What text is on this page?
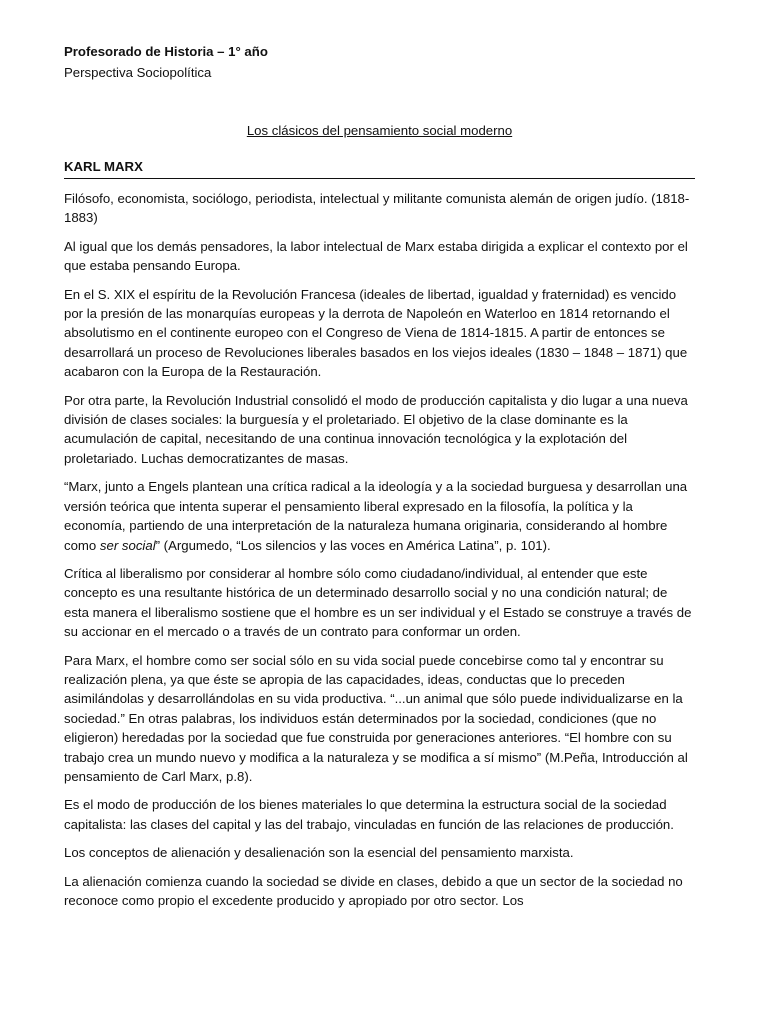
Profesorado de Historia – 1° año

Perspectiva Sociopolítica

Los clásicos del pensamiento social moderno

KARL MARX

Filósofo, economista, sociólogo, periodista, intelectual y militante comunista alemán de origen judío. (1818-1883)

Al igual que los demás pensadores, la labor intelectual de Marx estaba dirigida a explicar el contexto por el que estaba pensando Europa.

En el S. XIX el espíritu de la Revolución Francesa (ideales de libertad, igualdad y fraternidad) es vencido por la presión de las monarquías europeas y la derrota de Napoleón en Waterloo en 1814 retornando el absolutismo en el continente europeo con el Congreso de Viena de 1814-1815. A partir de entonces se desarrollará un proceso de Revoluciones liberales basados en los viejos ideales (1830 – 1848 – 1871) que acabaron con la Europa de la Restauración.

Por otra parte, la Revolución Industrial consolidó el modo de producción capitalista y dio lugar a una nueva división de clases sociales: la burguesía y el proletariado. El objetivo de la clase dominante es la acumulación de capital, necesitando de una continua innovación tecnológica y la explotación del proletariado. Luchas democratizantes de masas.

“Marx, junto a Engels plantean una crítica radical a la ideología y a la sociedad burguesa y desarrollan una versión teórica que intenta superar el pensamiento liberal expresado en la filosofía, la política y la economía, partiendo de una interpretación de la naturaleza humana originaria, considerando al hombre como ser social” (Argumedo, “Los silencios y las voces en América Latina”, p. 101).

Crítica al liberalismo por considerar al hombre sólo como ciudadano/individual, al entender que este concepto es una resultante histórica de un determinado desarrollo social y no una condición natural; de esta manera el liberalismo sostiene que el hombre es un ser individual y el Estado se construye a través de su accionar en el mercado o a través de un contrato para conformar un orden.

Para Marx, el hombre como ser social sólo en su vida social puede concebirse como tal y encontrar su realización plena, ya que éste se apropia de las capacidades, ideas, conductas que lo preceden asimilándolas y desarrollándolas en su vida productiva. “...un animal que sólo puede individualizarse en la sociedad.” En otras palabras, los individuos están determinados por la sociedad, condiciones (que no eligieron) heredadas por la sociedad que fue construida por generaciones anteriores. “El hombre con su trabajo crea un mundo nuevo y modifica a la naturaleza y se modifica a sí mismo” (M.Peña, Introducción al pensamiento de Carl Marx, p.8).

Es el modo de producción de los bienes materiales lo que determina la estructura social de la sociedad capitalista: las clases del capital y las del trabajo, vinculadas en función de las relaciones de producción.

Los conceptos de alienación y desalienación son la esencial del pensamiento marxista.

La alienación comienza cuando la sociedad se divide en clases, debido a que un sector de la sociedad no reconoce como propio el excedente producido y apropiado por otro sector. Los
